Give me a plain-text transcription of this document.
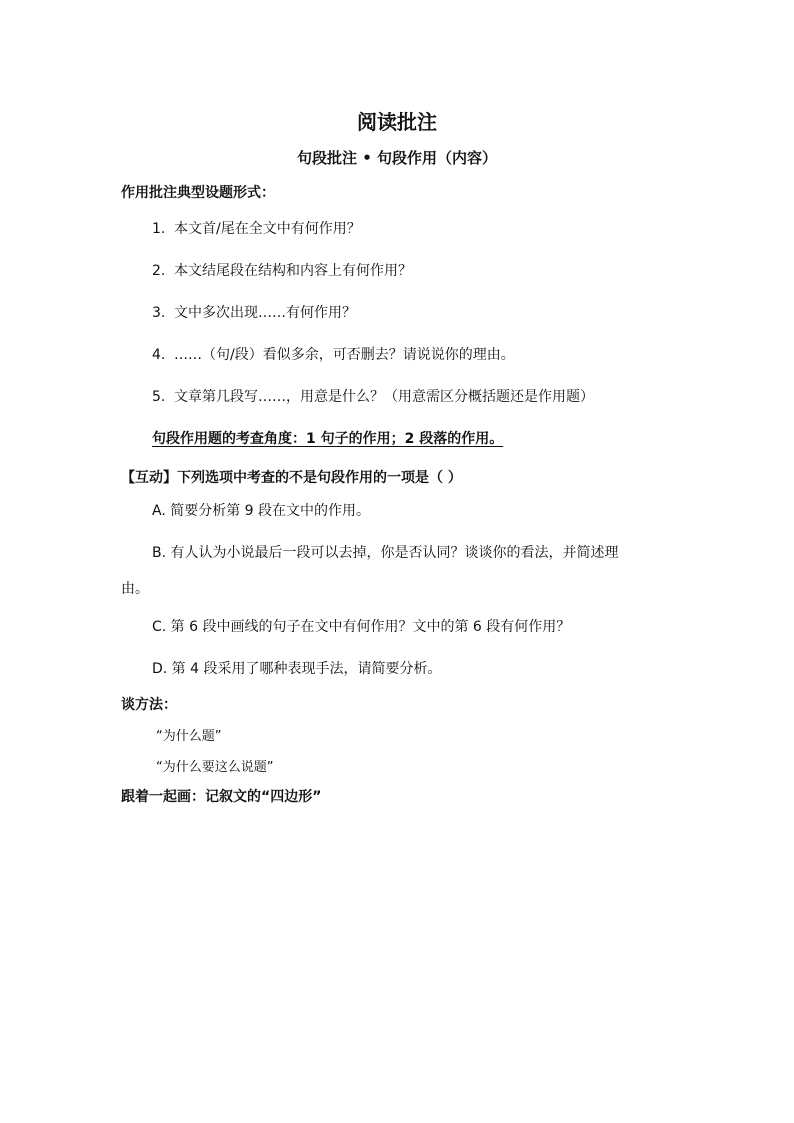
阅读批注
句段批注 • 句段作用（内容）
作用批注典型设题形式：
1. 本文首/尾在全文中有何作用？
2. 本文结尾段在结构和内容上有何作用？
3. 文中多次出现……有何作用？
4. ……（句/段）看似多余，可否删去？请说说你的理由。
5. 文章第几段写……，用意是什么？（用意需区分概括题还是作用题）
句段作用题的考查角度：1 句子的作用；2 段落的作用。
【互动】下列选项中考查的不是句段作用的一项是（ ）
A. 简要分析第 9 段在文中的作用。
B. 有人认为小说最后一段可以去掉，你是否认同？谈谈你的看法，并简述理
由。
C. 第 6 段中画线的句子在文中有何作用？文中的第 6 段有何作用？
D. 第 4 段采用了哪种表现手法，请简要分析。
谈方法：
“为什么题”
“为什么要这么说题”
跟着一起画：记叙文的“四边形”
